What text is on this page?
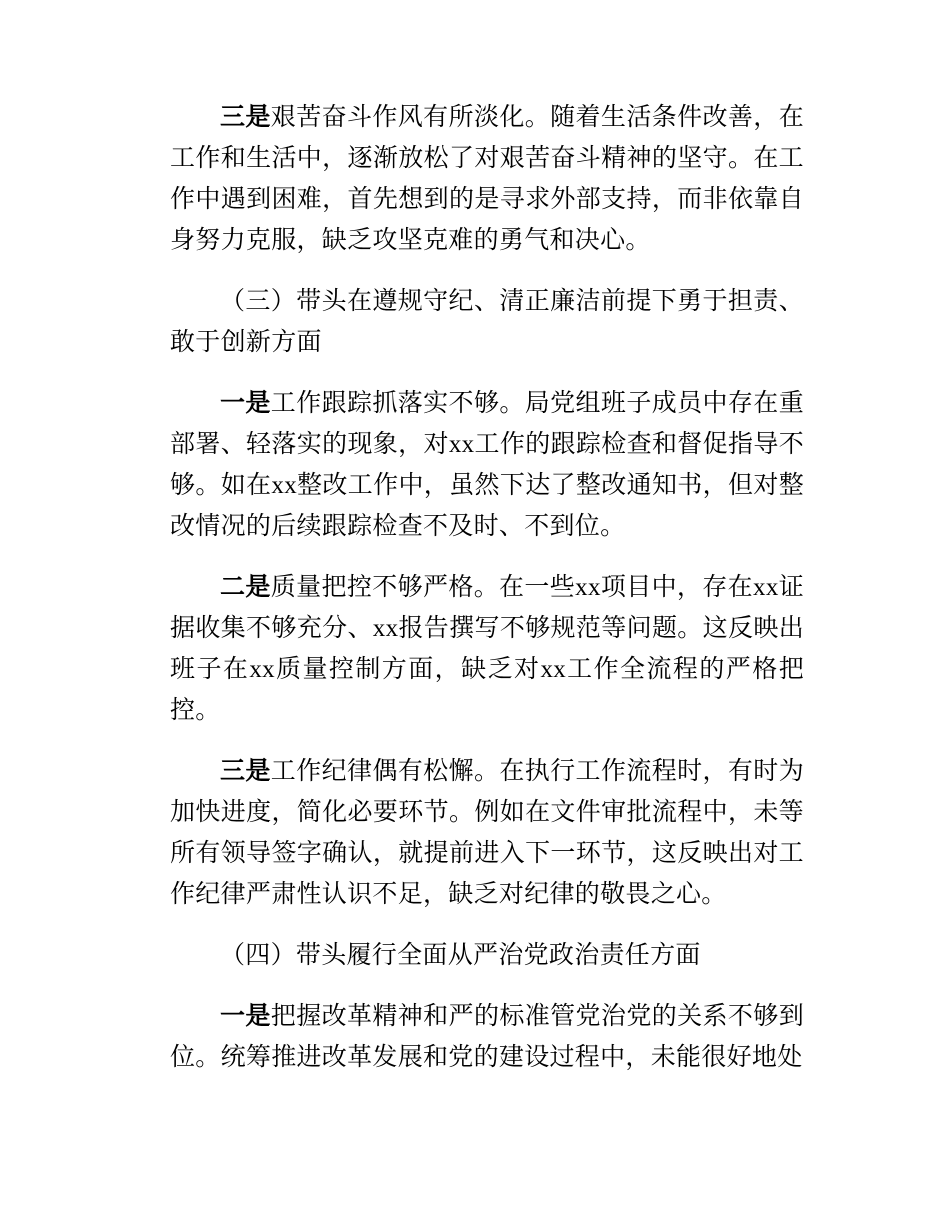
三是艰苦奋斗作风有所淡化。随着生活条件改善，在工作和生活中，逐渐放松了对艰苦奋斗精神的坚守。在工作中遇到困难，首先想到的是寻求外部支持，而非依靠自身努力克服，缺乏攻坚克难的勇气和决心。

（三）带头在遵规守纪、清正廉洁前提下勇于担责、敢于创新方面

一是工作跟踪抓落实不够。局党组班子成员中存在重部署、轻落实的现象，对xx工作的跟踪检查和督促指导不够。如在xx整改工作中，虽然下达了整改通知书，但对整改情况的后续跟踪检查不及时、不到位。

二是质量把控不够严格。在一些xx项目中，存在xx证据收集不够充分、xx报告撰写不够规范等问题。这反映出班子在xx质量控制方面，缺乏对xx工作全流程的严格把控。

三是工作纪律偶有松懈。在执行工作流程时，有时为加快进度，简化必要环节。例如在文件审批流程中，未等所有领导签字确认，就提前进入下一环节，这反映出对工作纪律严肃性认识不足，缺乏对纪律的敬畏之心。

（四）带头履行全面从严治党政治责任方面

一是把握改革精神和严的标准管党治党的关系不够到位。统筹推进改革发展和党的建设过程中，未能很好地处
